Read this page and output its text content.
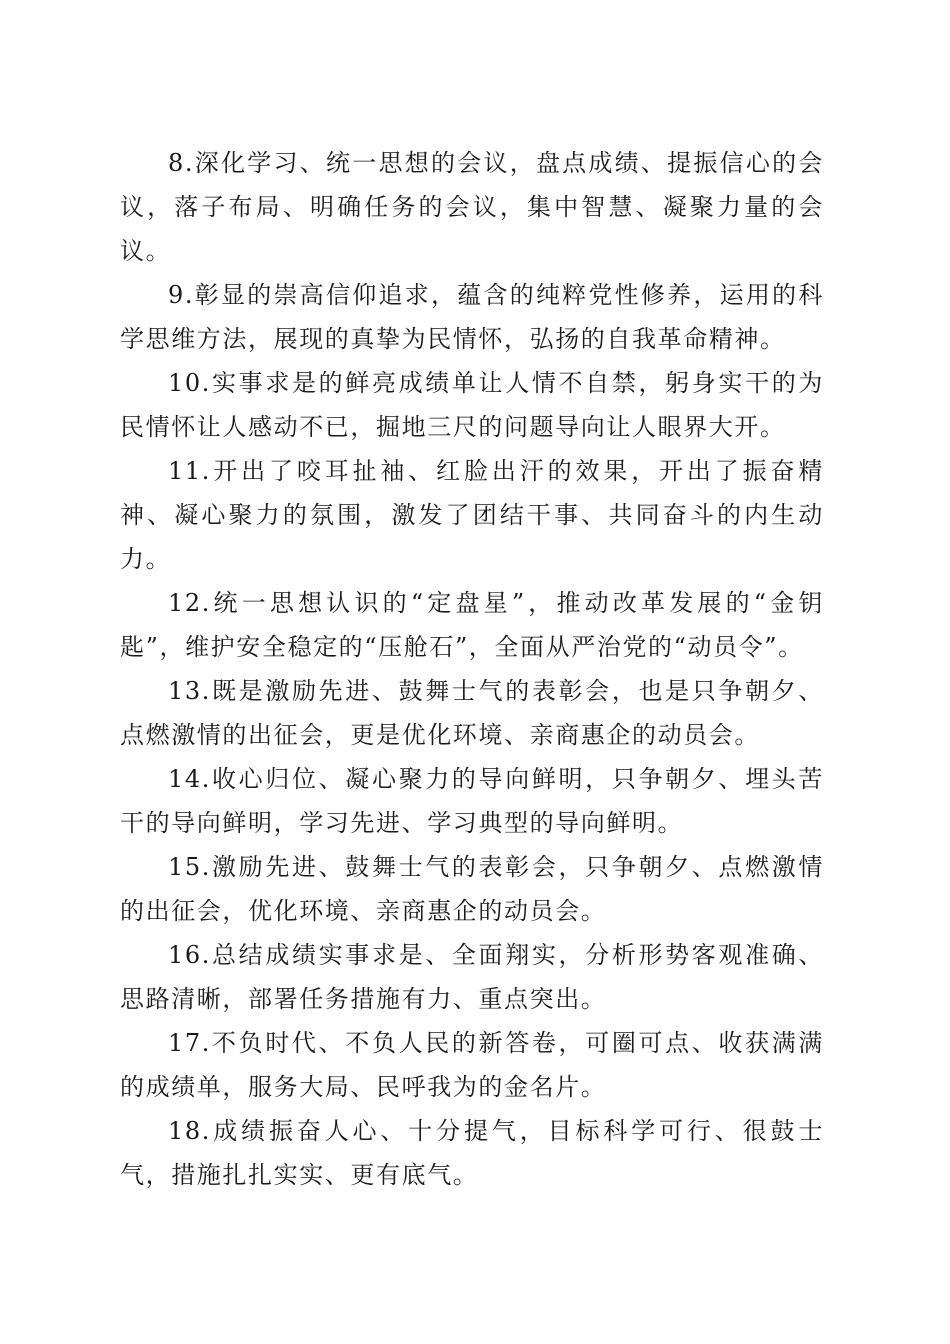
8.深化学习、统一思想的会议，盘点成绩、提振信心的会议，落子布局、明确任务的会议，集中智慧、凝聚力量的会议。

9.彰显的崇高信仰追求，蕴含的纯粹党性修养，运用的科学思维方法，展现的真挚为民情怀，弘扬的自我革命精神。

10.实事求是的鲜亮成绩单让人情不自禁，躬身实干的为民情怀让人感动不已，掘地三尺的问题导向让人眼界大开。

11.开出了咬耳扯袖、红脸出汗的效果，开出了振奋精神、凝心聚力的氛围，激发了团结干事、共同奋斗的内生动力。

12.统一思想认识的“定盘星”，推动改革发展的“金钥匙”，维护安全稳定的“压舱石”，全面从严治党的“动员令”。

13.既是激励先进、鼓舞士气的表彰会，也是只争朝夕、点燃激情的出征会，更是优化环境、亲商惠企的动员会。

14.收心归位、凝心聚力的导向鲜明，只争朝夕、埋头苦干的导向鲜明，学习先进、学习典型的导向鲜明。

15.激励先进、鼓舞士气的表彰会，只争朝夕、点燃激情的出征会，优化环境、亲商惠企的动员会。

16.总结成绩实事求是、全面翔实，分析形势客观准确、思路清晰，部署任务措施有力、重点突出。

17.不负时代、不负人民的新答卷，可圈可点、收获满满的成绩单，服务大局、民呼我为的金名片。

18.成绩振奋人心、十分提气，目标科学可行、很鼓士气，措施扎扎实实、更有底气。
